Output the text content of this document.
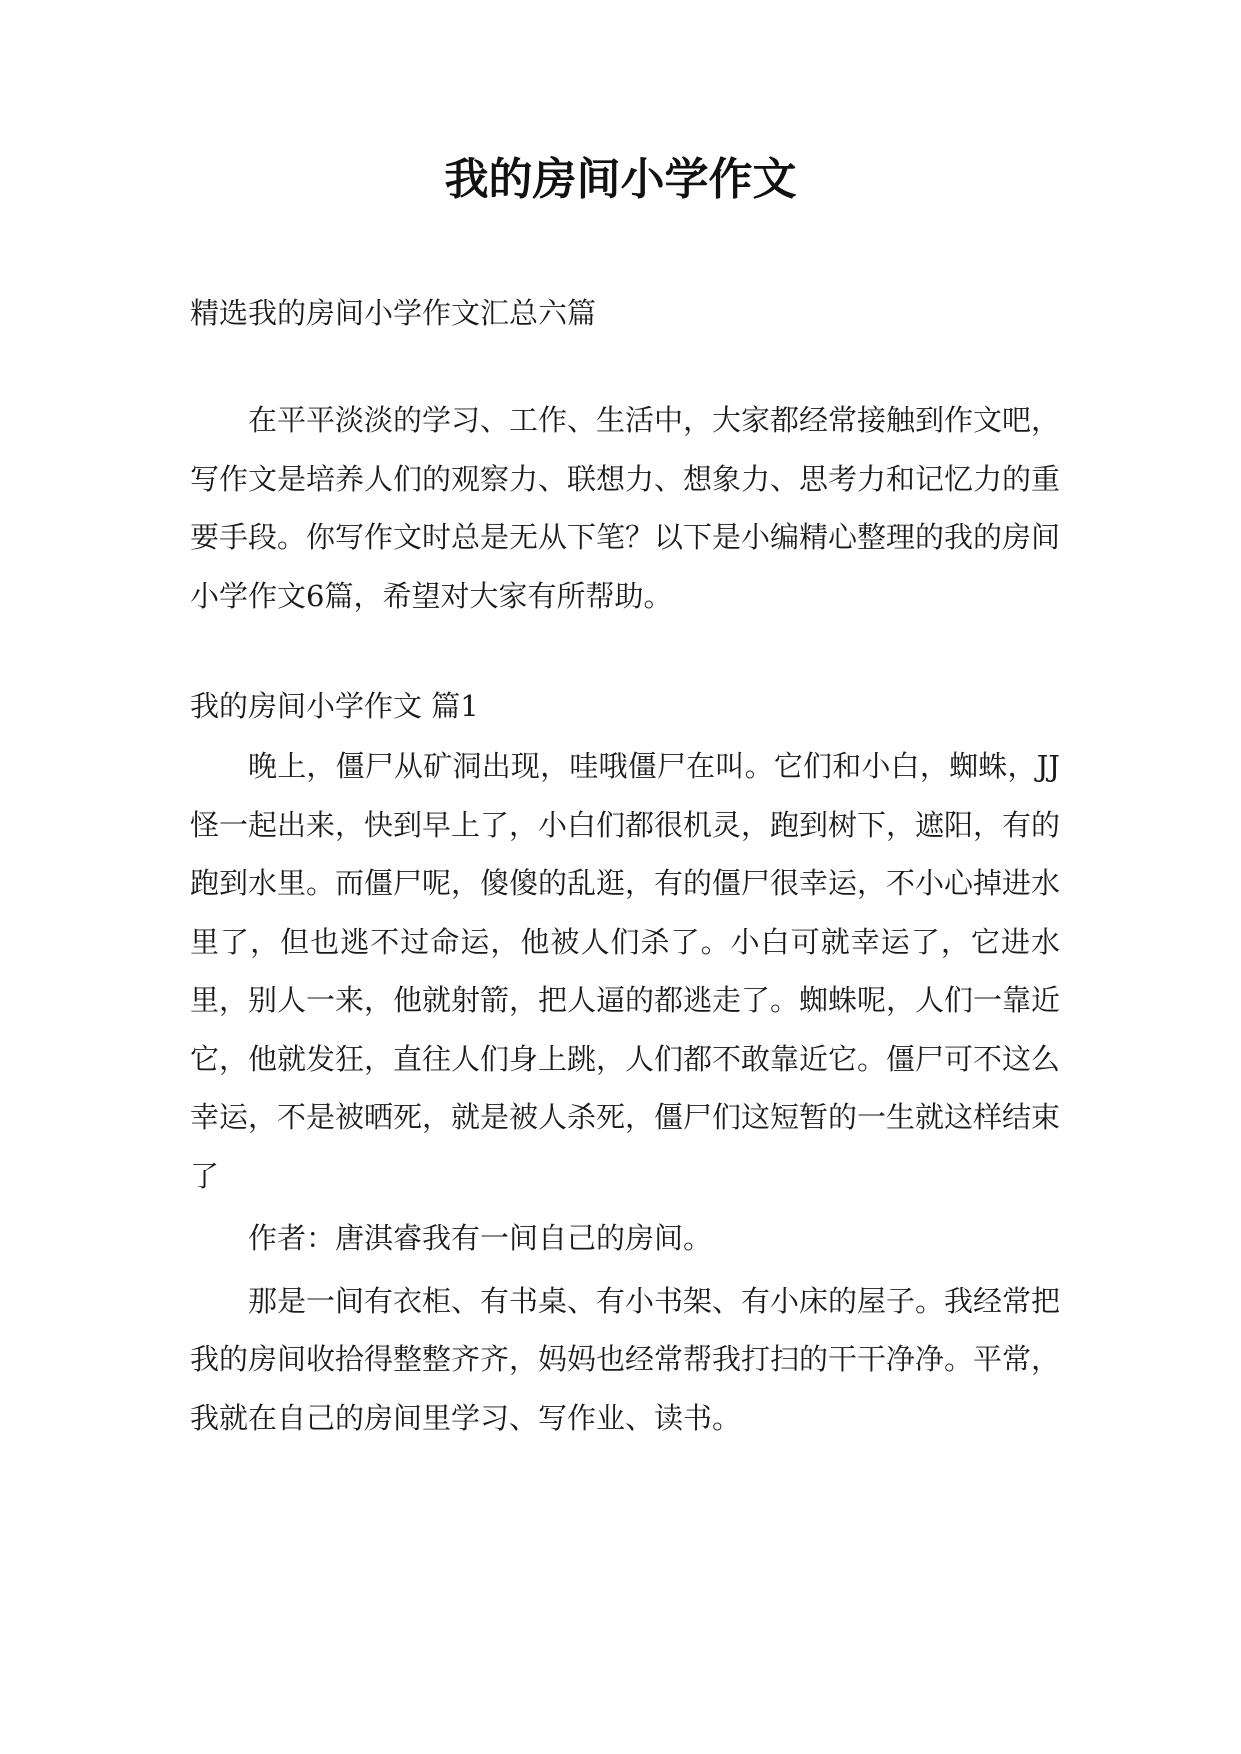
我的房间小学作文

精选我的房间小学作文汇总六篇

在平平淡淡的学习、工作、生活中，大家都经常接触到作文吧，写作文是培养人们的观察力、联想力、想象力、思考力和记忆力的重要手段。你写作文时总是无从下笔？以下是小编精心整理的我的房间小学作文6篇，希望对大家有所帮助。

我的房间小学作文 篇1

晚上，僵尸从矿洞出现，哇哦僵尸在叫。它们和小白，蜘蛛，JJ怪一起出来，快到早上了，小白们都很机灵，跑到树下，遮阳，有的跑到水里。而僵尸呢，傻傻的乱逛，有的僵尸很幸运，不小心掉进水里了，但也逃不过命运，他被人们杀了。小白可就幸运了，它进水里，别人一来，他就射箭，把人逼的都逃走了。蜘蛛呢，人们一靠近它，他就发狂，直往人们身上跳，人们都不敢靠近它。僵尸可不这么幸运，不是被晒死，就是被人杀死，僵尸们这短暂的一生就这样结束了

作者：唐淇睿我有一间自己的房间。

那是一间有衣柜、有书桌、有小书架、有小床的屋子。我经常把我的房间收拾得整整齐齐，妈妈也经常帮我打扫的干干净净。平常，我就在自己的房间里学习、写作业、读书。
